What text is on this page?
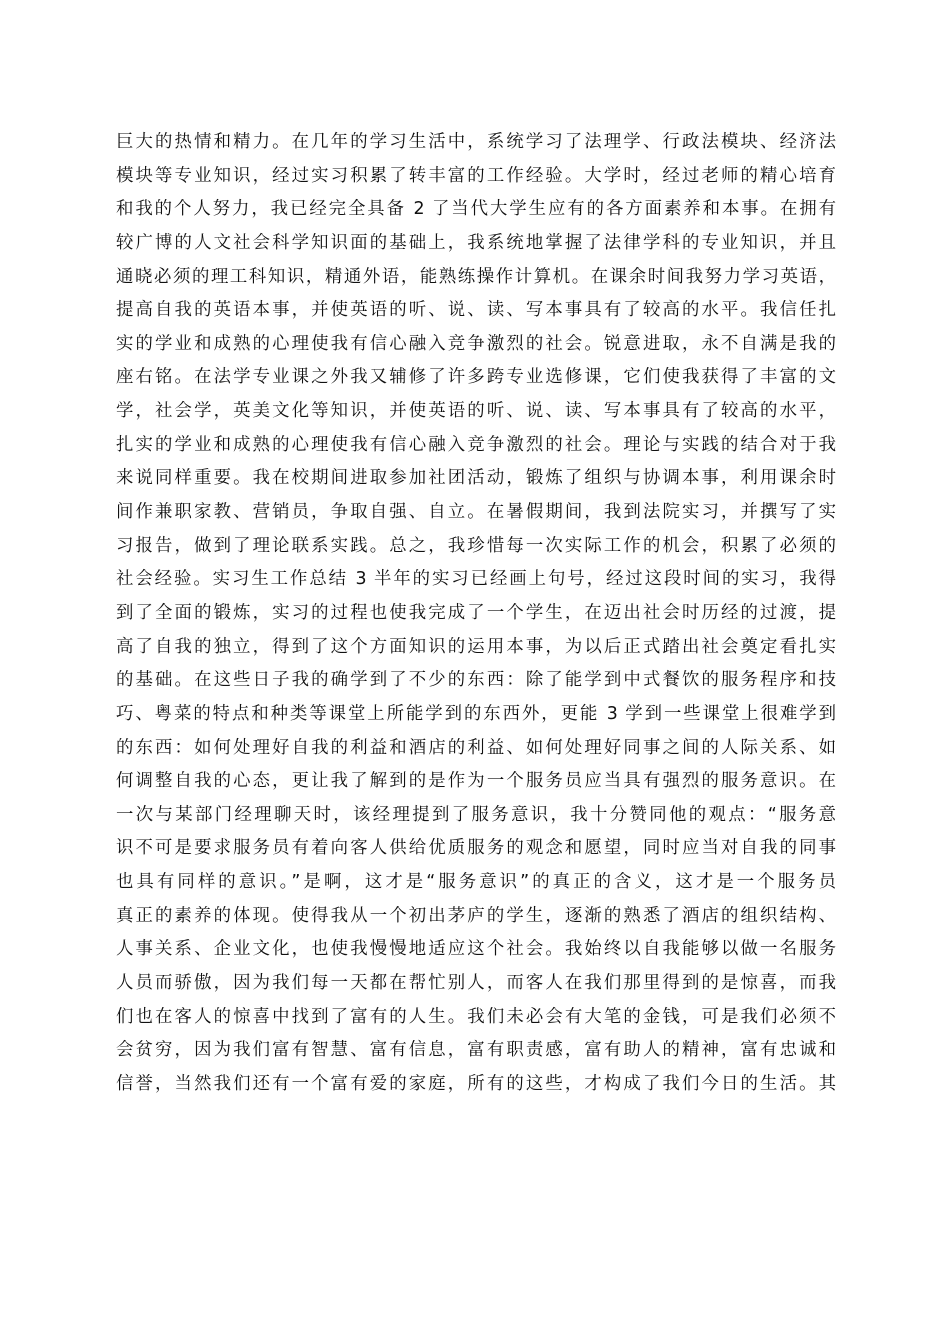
巨大的热情和精力。在几年的学习生活中，系统学习了法理学、行政法模块、经济法
模块等专业知识，经过实习积累了转丰富的工作经验。大学时，经过老师的精心培育
和我的个人努力，我已经完全具备 2 了当代大学生应有的各方面素养和本事。在拥有
较广博的人文社会科学知识面的基础上，我系统地掌握了法律学科的专业知识，并且
通晓必须的理工科知识，精通外语，能熟练操作计算机。在课余时间我努力学习英语，
提高自我的英语本事，并使英语的听、说、读、写本事具有了较高的水平。我信任扎
实的学业和成熟的心理使我有信心融入竞争激烈的社会。锐意进取，永不自满是我的
座右铭。在法学专业课之外我又辅修了许多跨专业选修课，它们使我获得了丰富的文
学，社会学，英美文化等知识，并使英语的听、说、读、写本事具有了较高的水平，
扎实的学业和成熟的心理使我有信心融入竞争激烈的社会。理论与实践的结合对于我
来说同样重要。我在校期间进取参加社团活动，锻炼了组织与协调本事，利用课余时
间作兼职家教、营销员，争取自强、自立。在暑假期间，我到法院实习，并撰写了实
习报告，做到了理论联系实践。总之，我珍惜每一次实际工作的机会，积累了必须的
社会经验。实习生工作总结 3 半年的实习已经画上句号，经过这段时间的实习，我得
到了全面的锻炼，实习的过程也使我完成了一个学生，在迈出社会时历经的过渡，提
高了自我的独立，得到了这个方面知识的运用本事，为以后正式踏出社会奠定看扎实
的基础。在这些日子我的确学到了不少的东西：除了能学到中式餐饮的服务程序和技
巧、粤菜的特点和种类等课堂上所能学到的东西外，更能 3 学到一些课堂上很难学到
的东西：如何处理好自我的利益和酒店的利益、如何处理好同事之间的人际关系、如
何调整自我的心态，更让我了解到的是作为一个服务员应当具有强烈的服务意识。在
一次与某部门经理聊天时，该经理提到了服务意识，我十分赞同他的观点：“服务意
识不可是要求服务员有着向客人供给优质服务的观念和愿望，同时应当对自我的同事
也具有同样的意识。”是啊，这才是“服务意识”的真正的含义，这才是一个服务员
真正的素养的体现。使得我从一个初出茅庐的学生，逐渐的熟悉了酒店的组织结构、
人事关系、企业文化，也使我慢慢地适应这个社会。我始终以自我能够以做一名服务
人员而骄傲，因为我们每一天都在帮忙别人，而客人在我们那里得到的是惊喜，而我
们也在客人的惊喜中找到了富有的人生。我们未必会有大笔的金钱，可是我们必须不
会贫穷，因为我们富有智慧、富有信息，富有职责感，富有助人的精神，富有忠诚和
信誉，当然我们还有一个富有爱的家庭，所有的这些，才构成了我们今日的生活。其
